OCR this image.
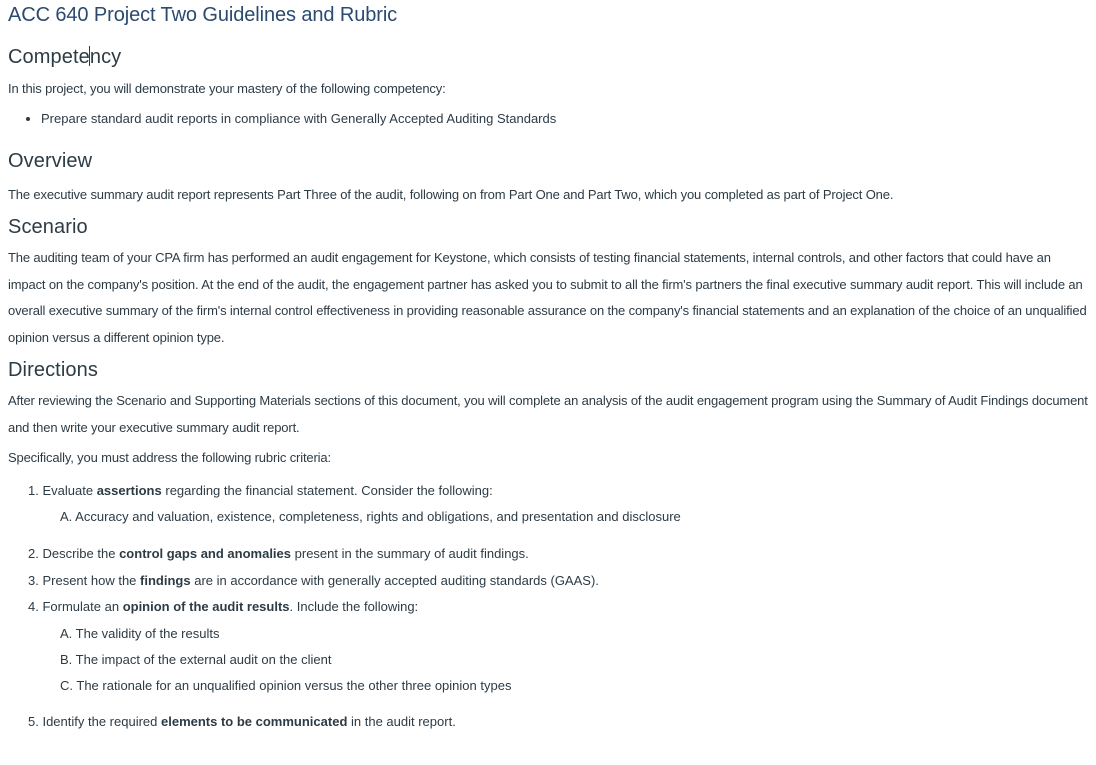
ACC 640 Project Two Guidelines and Rubric
Competency

In this project, you will demonstrate your mastery of the following competency:

• Prepare standard audit reports in compliance with Generally Accepted Auditing Standards
Overview

The executive summary audit report represents Part Three of the audit, following on from Part One and Part Two, which you completed as part of Project One.

Scenario

The auditing team of your CPA firm has performed an audit engagement for Keystone, which consists of testing financial statements, internal controls, and other factors that could have an impact on the company's position. At the end of the audit, the engagement partner has asked you to submit to all the firm's partners the final executive summary audit report. This will include an overall executive summary of the firm's internal control effectiveness in providing reasonable assurance on the company's financial statements and an explanation of the choice of an unqualified opinion versus a different opinion type.

Directions

After reviewing the Scenario and Supporting Materials sections of this document, you will complete an analysis of the audit engagement program using the Summary of Audit Findings document and then write your executive summary audit report.

Specifically, you must address the following rubric criteria:

1. Evaluate assertions regarding the financial statement. Consider the following:
A. Accuracy and valuation, existence, completeness, rights and obligations, and presentation and disclosure
2. Describe the control gaps and anomalies present in the summary of audit findings.
3. Present how the findings are in accordance with generally accepted auditing standards (GAAS).
4. Formulate an opinion of the audit results. Include the following:
A. The validity of the results
B. The impact of the external audit on the client
C. The rationale for an unqualified opinion versus the other three opinion types
5. Identify the required elements to be communicated in the audit report.
